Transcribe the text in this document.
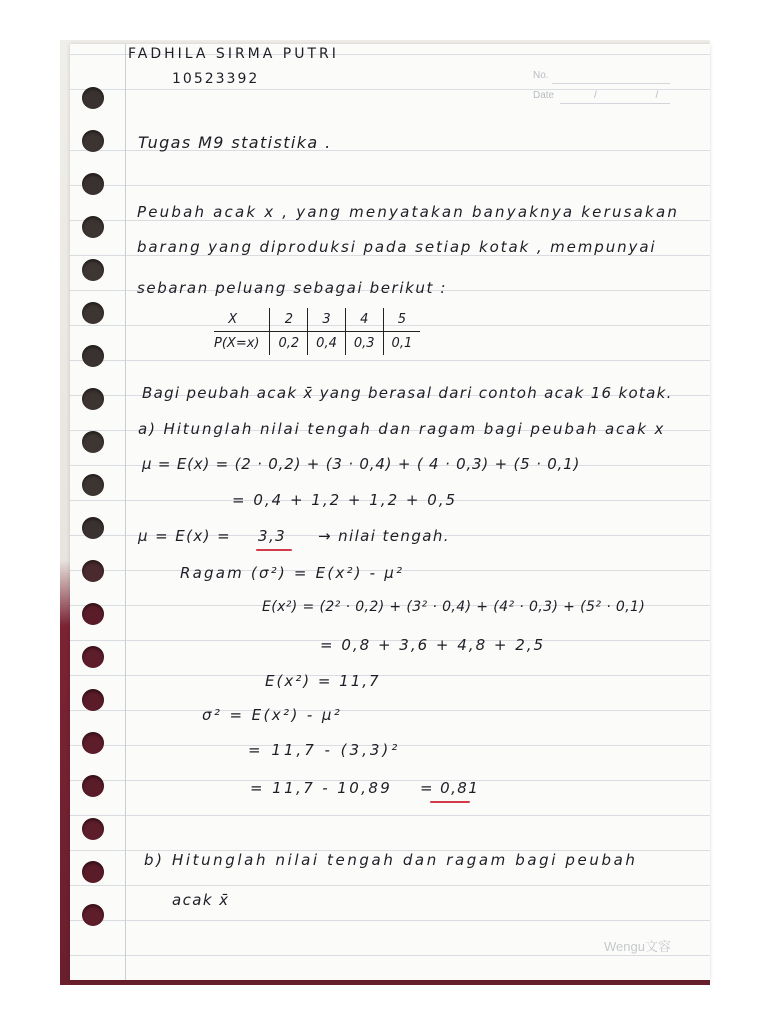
No.
Date	/ /
FADHILA SIRMA PUTRI
10523392
Tugas M9 statistika .
Peubah acak x , yang menyatakan banyaknya kerusakan
barang yang diproduksi pada setiap kotak , mempunyai
sebaran peluang sebagai berikut :
X	2	3	4	5
P(X=x)	0,2	0,4	0,3	0,1
Bagi peubah acak x̄ yang berasal dari contoh acak 16 kotak.
a) Hitunglah nilai tengah dan ragam bagi peubah acak x
μ = E(x) = (2 · 0,2) + (3 · 0,4) + ( 4 · 0,3) + (5 · 0,1)
= 0,4 + 1,2 + 1,2 + 0,5
μ = E(x) = 3,3 → nilai tengah.
Ragam (σ²) = E(x²) - μ²
E(x²) = (2² · 0,2) + (3² · 0,4) + (4² · 0,3) + (5² · 0,1)
= 0,8 + 3,6 + 4,8 + 2,5
E(x²) = 11,7
σ² = E(x²) - μ²
= 11,7 - (3,3)²
= 11,7 - 10,89 = 0,81
b) Hitunglah nilai tengah dan ragam bagi peubah
acak x̄
Wengu文容
